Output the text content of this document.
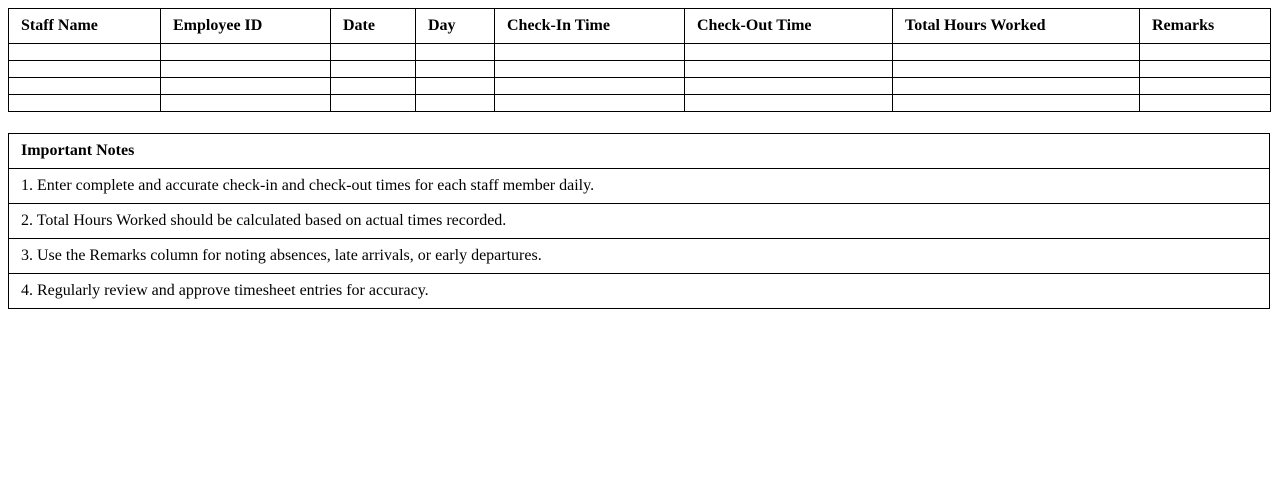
Staff Name	Employee ID	Date	Day	Check-In Time	Check-Out Time	Total Hours Worked	Remarks

Important Notes
1. Enter complete and accurate check-in and check-out times for each staff member daily.
2. Total Hours Worked should be calculated based on actual times recorded.
3. Use the Remarks column for noting absences, late arrivals, or early departures.
4. Regularly review and approve timesheet entries for accuracy.
